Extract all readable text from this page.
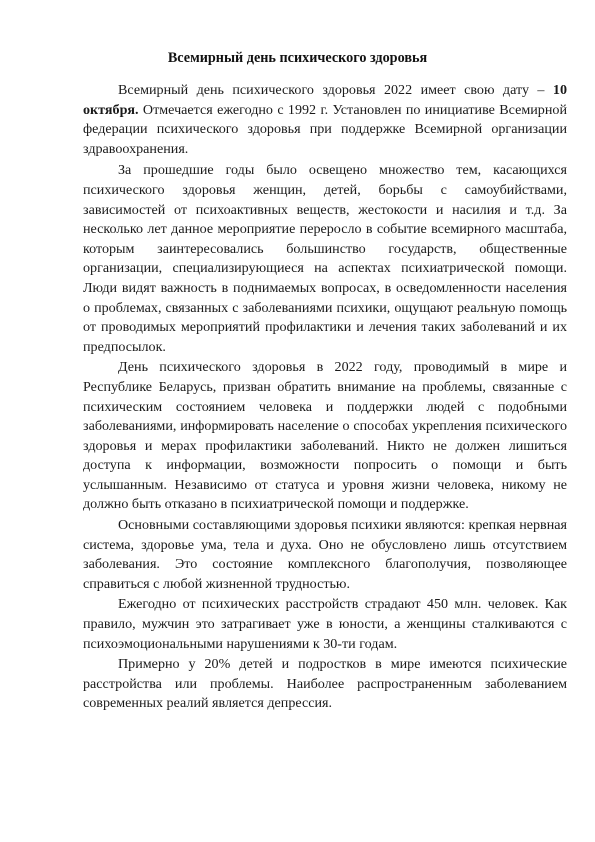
Всемирный день психического здоровья

Всемирный день психического здоровья 2022 имеет свою дату – 10 октября. Отмечается ежегодно с 1992 г. Установлен по инициативе Всемирной федерации психического здоровья при поддержке Всемирной организации здравоохранения.

За прошедшие годы было освещено множество тем, касающихся психического здоровья женщин, детей, борьбы с самоубийствами, зависимостей от психоактивных веществ, жестокости и насилия и т.д. За несколько лет данное мероприятие переросло в событие всемирного масштаба, которым заинтересовались большинство государств, общественные организации, специализирующиеся на аспектах психиатрической помощи. Люди видят важность в поднимаемых вопросах, в осведомленности населения о проблемах, связанных с заболеваниями психики, ощущают реальную помощь от проводимых мероприятий профилактики и лечения таких заболеваний и их предпосылок.

День психического здоровья в 2022 году, проводимый в мире и Республике Беларусь, призван обратить внимание на проблемы, связанные с психическим состоянием человека и поддержки людей с подобными заболеваниями, информировать население о способах укрепления психического здоровья и мерах профилактики заболеваний. Никто не должен лишиться доступа к информации, возможности попросить о помощи и быть услышанным. Независимо от статуса и уровня жизни человека, никому не должно быть отказано в психиатрической помощи и поддержке.

Основными составляющими здоровья психики являются: крепкая нервная система, здоровье ума, тела и духа. Оно не обусловлено лишь отсутствием заболевания. Это состояние комплексного благополучия, позволяющее справиться с любой жизненной трудностью.

Ежегодно от психических расстройств страдают 450 млн. человек. Как правило, мужчин это затрагивает уже в юности, а женщины сталкиваются с психоэмоциональными нарушениями к 30-ти годам.

Примерно у 20% детей и подростков в мире имеются психические расстройства или проблемы. Наиболее распространенным заболеванием современных реалий является депрессия.
